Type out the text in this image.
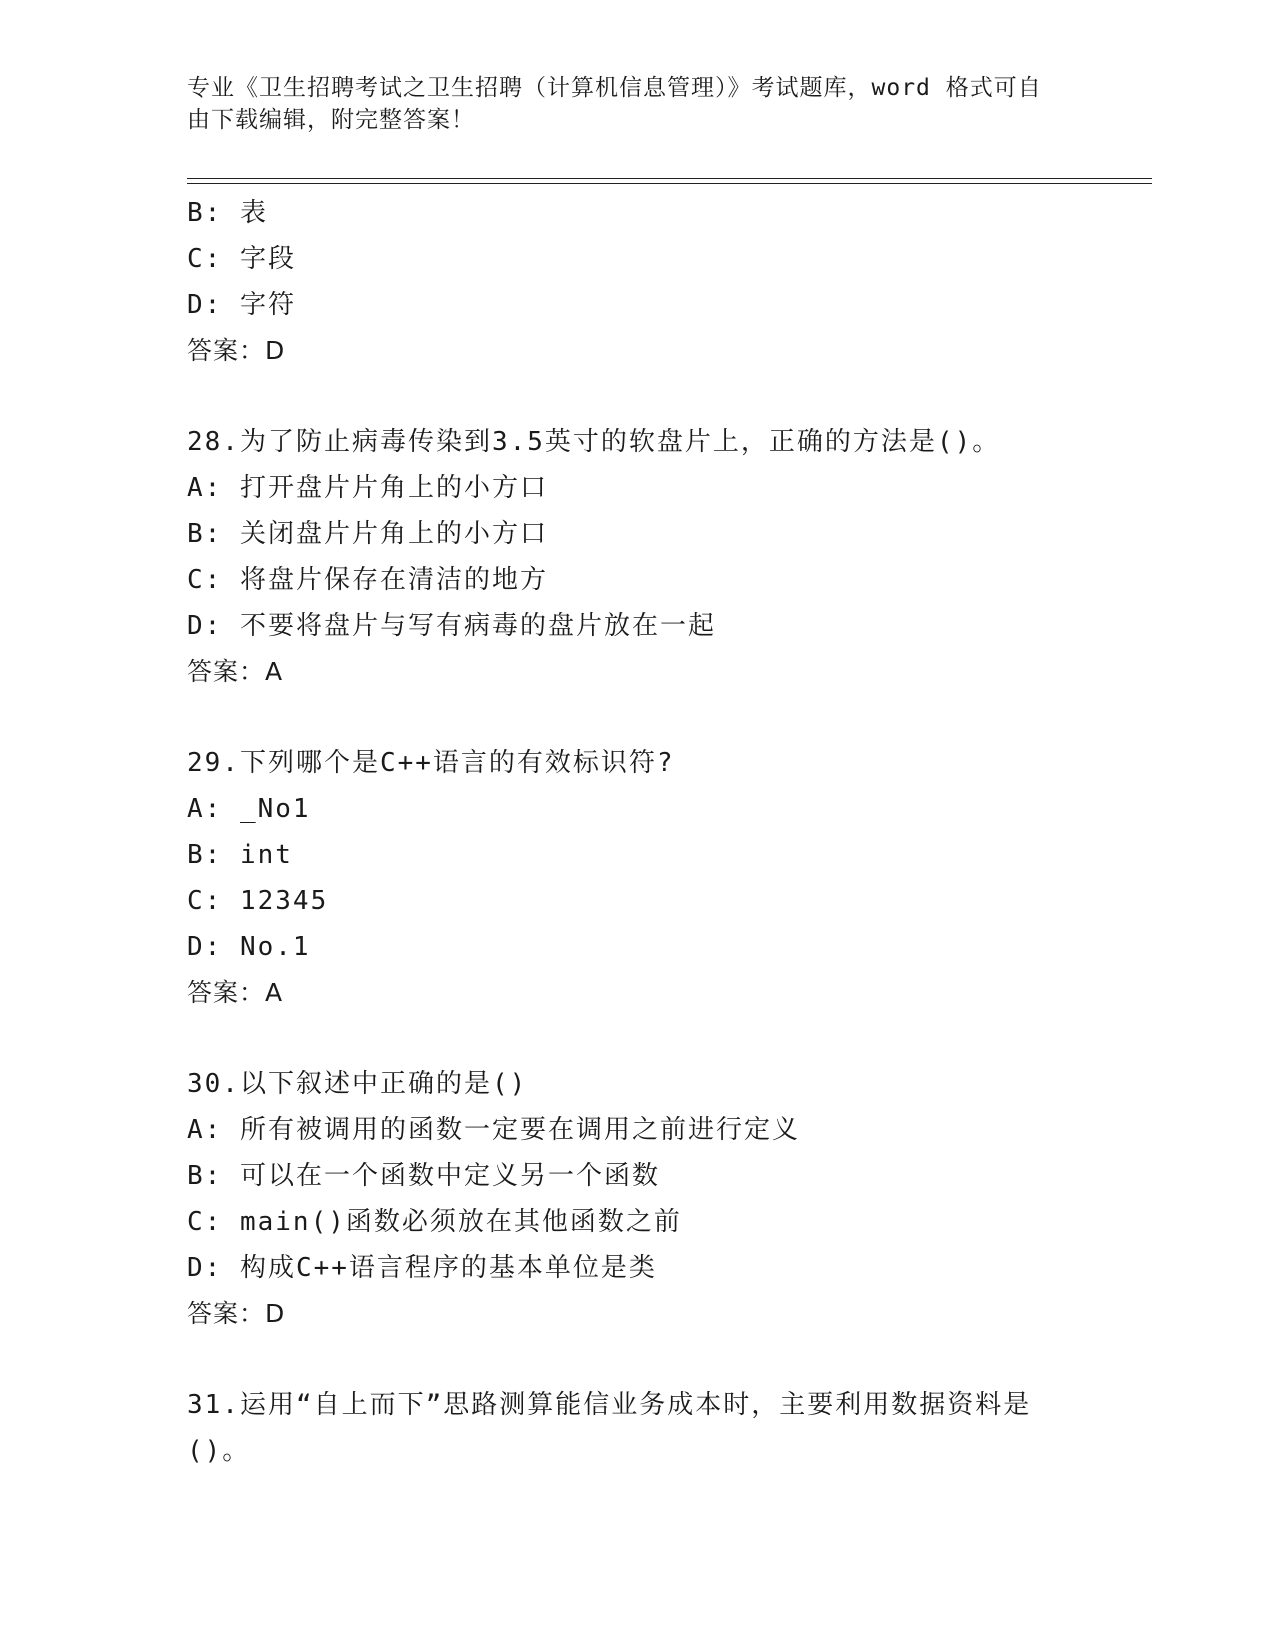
专业《卫生招聘考试之卫生招聘（计算机信息管理）》考试题库，word 格式可自
由下载编辑，附完整答案！
B: 表
C: 字段
D: 字符
答案：D
28.为了防止病毒传染到3.5英寸的软盘片上，正确的方法是()。
A: 打开盘片片角上的小方口
B: 关闭盘片片角上的小方口
C: 将盘片保存在清洁的地方
D: 不要将盘片与写有病毒的盘片放在一起
答案：A
29.下列哪个是C++语言的有效标识符?
A: _No1
B: int
C: 12345
D: No.1
答案：A
30.以下叙述中正确的是()
A: 所有被调用的函数一定要在调用之前进行定义
B: 可以在一个函数中定义另一个函数
C: main()函数必须放在其他函数之前
D: 构成C++语言程序的基本单位是类
答案：D
31.运用“自上而下”思路测算能信业务成本时，主要利用数据资料是
()。
